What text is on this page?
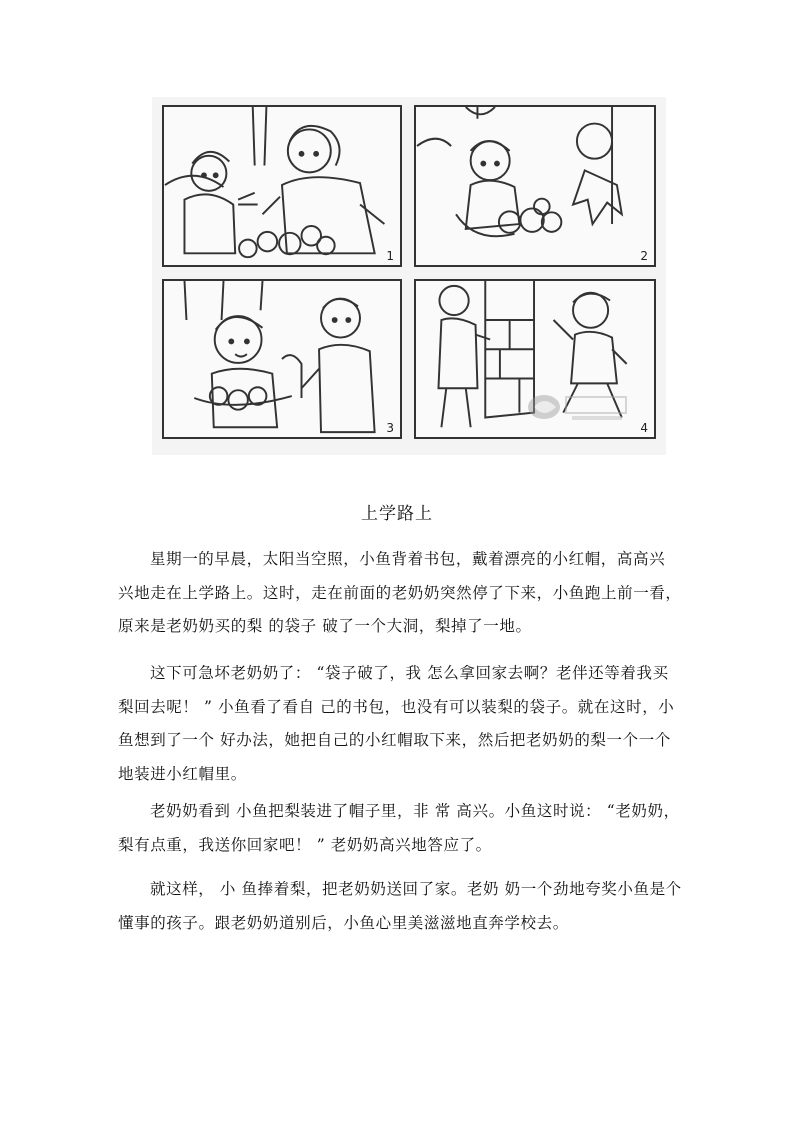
1	2
3	4
上学路上

星期一的早晨，太阳当空照，小鱼背着书包，戴着漂亮的小红帽，高高兴
兴地走在上学路上。这时，走在前面的老奶奶突然停了下来，小鱼跑上前一看，
原来是老奶奶买的梨 的袋子 破了一个大洞，梨掉了一地。

这下可急坏老奶奶了： “袋子破了，我 怎么拿回家去啊？老伴还等着我买
梨回去呢！ ” 小鱼看了看自 己的书包，也没有可以装梨的袋子。就在这时，小
鱼想到了一个 好办法，她把自己的小红帽取下来，然后把老奶奶的梨一个一个
地装进小红帽里。

老奶奶看到 小鱼把梨装进了帽子里，非 常 高兴。小鱼这时说： “老奶奶，
梨有点重，我送你回家吧！ ” 老奶奶高兴地答应了。

就这样， 小 鱼捧着梨，把老奶奶送回了家。老奶 奶一个劲地夸奖小鱼是个
懂事的孩子。跟老奶奶道别后，小鱼心里美滋滋地直奔学校去。
